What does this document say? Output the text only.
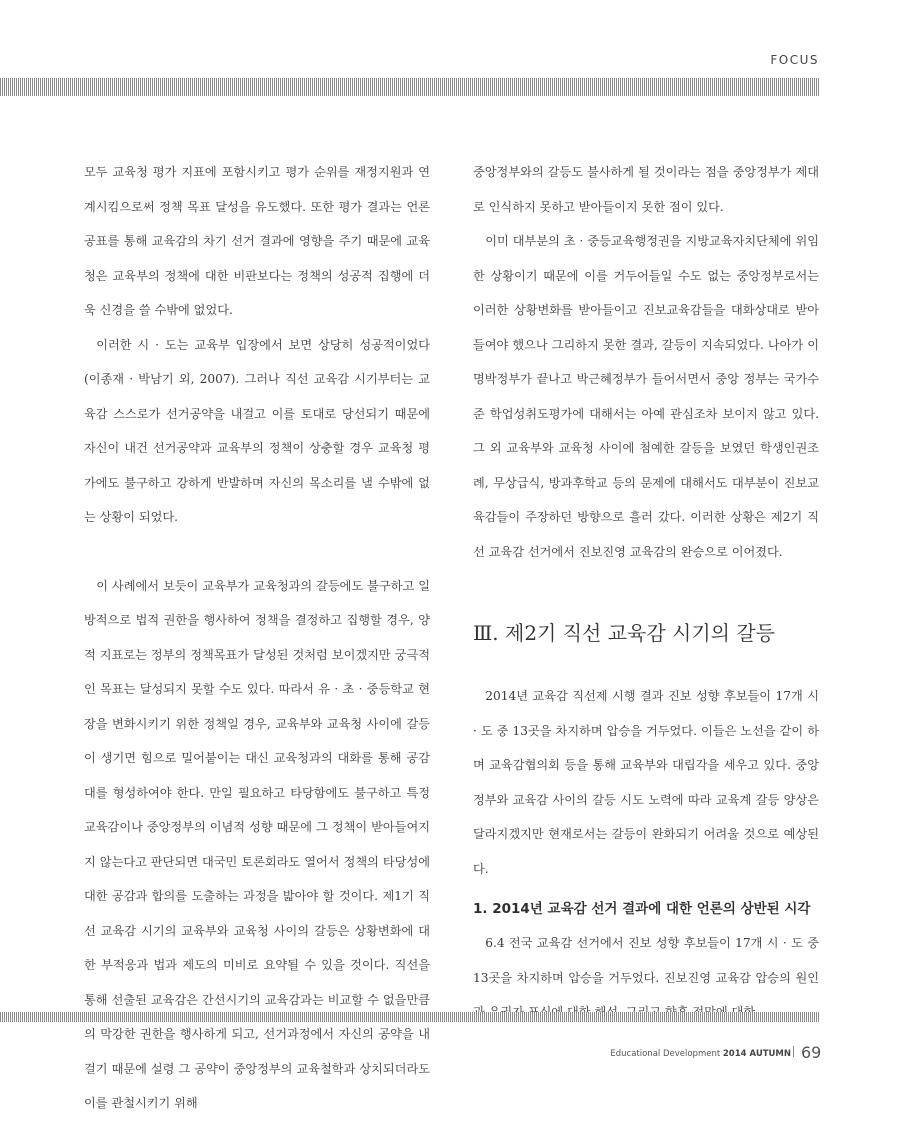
FOCUS

모두 교육청 평가 지표에 포함시키고 평가 순위를 재정지원과 연계시킴으로써 정책 목표 달성을 유도했다. 또한 평가 결과는 언론 공표를 통해 교육감의 차기 선거 결과에 영향을 주기 때문에 교육청은 교육부의 정책에 대한 비판보다는 정책의 성공적 집행에 더욱 신경을 쓸 수밖에 없었다.

이러한 시 · 도는 교육부 입장에서 보면 상당히 성공적이었다(이종재 · 박남기 외, 2007). 그러나 직선 교육감 시기부터는 교육감 스스로가 선거공약을 내걸고 이를 토대로 당선되기 때문에 자신이 내건 선거공약과 교육부의 정책이 상충할 경우 교육청 평가에도 불구하고 강하게 반발하며 자신의 목소리를 낼 수밖에 없는 상황이 되었다.

이 사례에서 보듯이 교육부가 교육청과의 갈등에도 불구하고 일방적으로 법적 권한을 행사하여 정책을 결정하고 집행할 경우, 양적 지표로는 정부의 정책목표가 달성된 것처럼 보이겠지만 궁극적인 목표는 달성되지 못할 수도 있다. 따라서 유 · 초 · 중등학교 현장을 변화시키기 위한 정책일 경우, 교육부와 교육청 사이에 갈등이 생기면 힘으로 밀어붙이는 대신 교육청과의 대화를 통해 공감대를 형성하여야 한다. 만일 필요하고 타당함에도 불구하고 특정 교육감이나 중앙정부의 이념적 성향 때문에 그 정책이 받아들여지지 않는다고 판단되면 대국민 토론회라도 열어서 정책의 타당성에 대한 공감과 합의를 도출하는 과정을 밟아야 할 것이다. 제1기 직선 교육감 시기의 교육부와 교육청 사이의 갈등은 상황변화에 대한 부적응과 법과 제도의 미비로 요약될 수 있을 것이다. 직선을 통해 선출된 교육감은 간선시기의 교육감과는 비교할 수 없을만큼의 막강한 권한을 행사하게 되고, 선거과정에서 자신의 공약을 내걸기 때문에 설령 그 공약이 중앙정부의 교육철학과 상치되더라도 이를 관철시키기 위해

중앙정부와의 갈등도 불사하게 될 것이라는 점을 중앙정부가 제대로 인식하지 못하고 받아들이지 못한 점이 있다.

이미 대부분의 초 · 중등교육행정권을 지방교육자치단체에 위임한 상황이기 때문에 이를 거두어들일 수도 없는 중앙정부로서는 이러한 상황변화를 받아들이고 진보교육감들을 대화상대로 받아들여야 했으나 그리하지 못한 결과, 갈등이 지속되었다. 나아가 이명박정부가 끝나고 박근혜정부가 들어서면서 중앙 정부는 국가수준 학업성취도평가에 대해서는 아예 관심조차 보이지 않고 있다. 그 외 교육부와 교육청 사이에 첨예한 갈등을 보였던 학생인권조례, 무상급식, 방과후학교 등의 문제에 대해서도 대부분이 진보교육감들이 주장하던 방향으로 흘러 갔다. 이러한 상황은 제2기 직선 교육감 선거에서 진보진영 교육감의 완승으로 이어졌다.

Ⅲ. 제2기 직선 교육감 시기의 갈등

2014년 교육감 직선제 시행 결과 진보 성향 후보들이 17개 시 · 도 중 13곳을 차지하며 압승을 거두었다. 이들은 노선을 같이 하며 교육감협의회 등을 통해 교육부와 대립각을 세우고 있다. 중앙정부와 교육감 사이의 갈등 시도 노력에 따라 교육계 갈등 양상은 달라지겠지만 현재로서는 갈등이 완화되기 어려울 것으로 예상된다.

1. 2014년 교육감 선거 결과에 대한 언론의 상반된 시각

6.4 전국 교육감 선거에서 진보 성향 후보들이 17개 시 · 도 중 13곳을 차지하며 압승을 거두었다. 진보진영 교육감 압승의 원인

Educational Development 2014 AUTUMN 69
